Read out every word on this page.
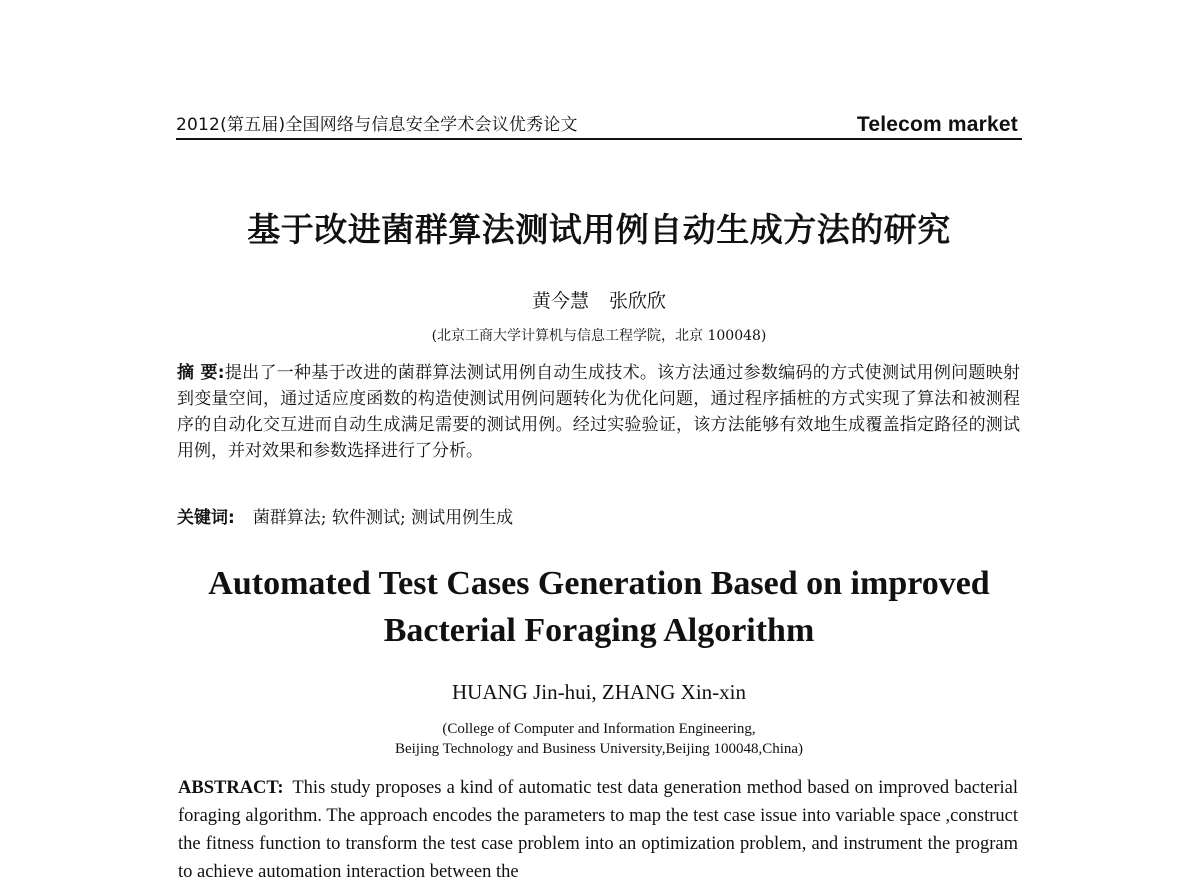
2012(第五届)全国网络与信息安全学术会议优秀论文	Telecom market
基于改进菌群算法测试用例自动生成方法的研究
黄今慧 张欣欣
(北京工商大学计算机与信息工程学院，北京 100048)
摘 要:提出了一种基于改进的菌群算法测试用例自动生成技术。该方法通过参数编码的方式使测试用例问题映射到变量空间，通过适应度函数的构造使测试用例问题转化为优化问题，通过程序插桩的方式实现了算法和被测程序的自动化交互进而自动生成满足需要的测试用例。经过实验验证，该方法能够有效地生成覆盖指定路径的测试用例，并对效果和参数选择进行了分析。
关键词: 菌群算法; 软件测试; 测试用例生成
Automated Test Cases Generation Based on improved
Bacterial Foraging Algorithm
HUANG Jin-hui, ZHANG Xin-xin
(College of Computer and Information Engineering,
Beijing Technology and Business University,Beijing 100048,China)
ABSTRACT: This study proposes a kind of automatic test data generation method based on improved bacterial foraging algorithm. The approach encodes the parameters to map the test case issue into variable space ,construct the fitness function to transform the test case problem into an optimization problem, and instrument the program to achieve automation interaction between the
